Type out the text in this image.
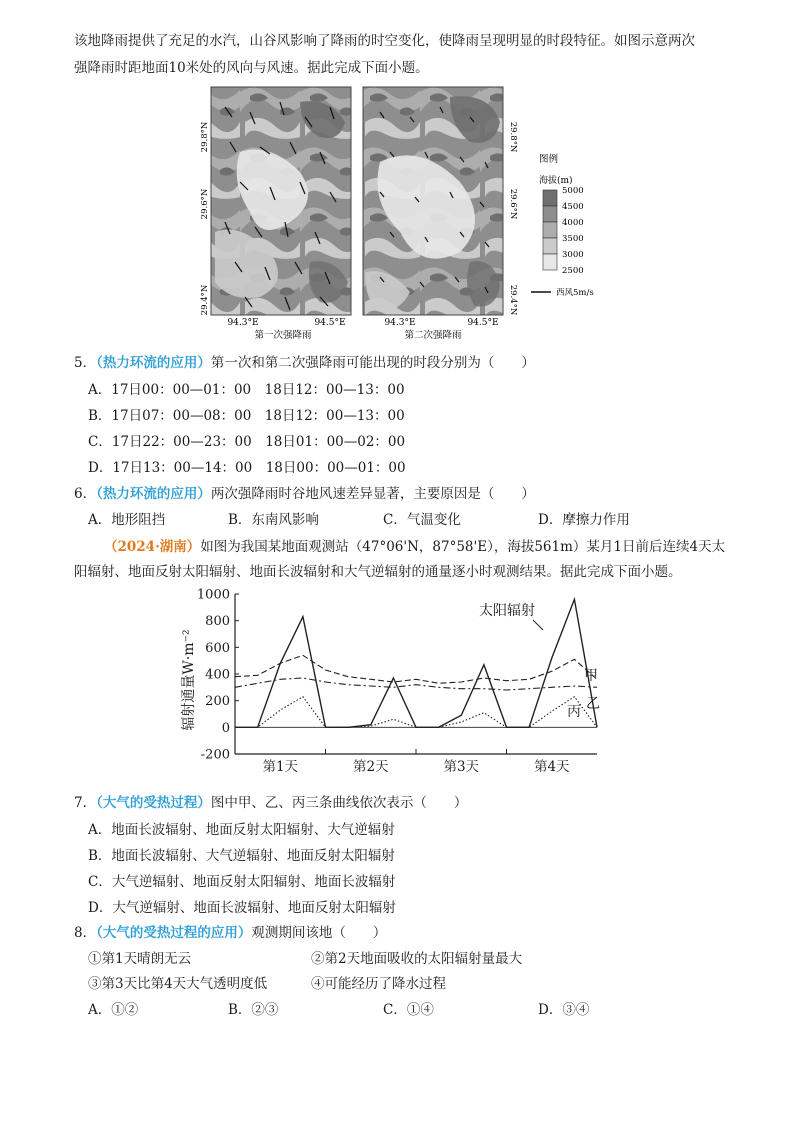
该地降雨提供了充足的水汽，山谷风影响了降雨的时空变化，使降雨呈现明显的时段特征。如图示意两次
强降雨时距地面10米处的风向与风速。据此完成下面小题。
29.8°N
29.6°N
29.4°N
29.8°N
29.6°N
29.4°N
94.3°E	94.5°E	94.3°E	94.5°E
第一次强降雨	第二次强降雨
图例
海拔(m)
5000
4500
4000
3500
3000
2500
西风5m/s
5．（热力环流的应用）第一次和第二次强降雨可能出现的时段分别为（　　）
A．17日00：00—01：00　18日12：00—13：00
B．17日07：00—08：00　18日12：00—13：00
C．17日22：00—23：00　18日01：00—02：00
D．17日13：00—14：00　18日00：00—01：00
6．（热力环流的应用）两次强降雨时谷地风速差异显著，主要原因是（　　）
A．地形阻挡	B．东南风影响	C．气温变化	D．摩擦力作用
（2024·湖南）如图为我国某地面观测站（47°06'N，87°58'E），海拔561m）某月1日前后连续4天太
阳辐射、地面反射太阳辐射、地面长波辐射和大气逆辐射的通量逐小时观测结果。据此完成下面小题。
1000
800
600
400
200
0
-200
第1天	第2天	第3天	第4天
辐射通量W·m⁻²
太阳辐射
甲
乙
丙
7．（大气的受热过程）图中甲、乙、丙三条曲线依次表示（　　）
A．地面长波辐射、地面反射太阳辐射、大气逆辐射
B．地面长波辐射、大气逆辐射、地面反射太阳辐射
C．大气逆辐射、地面反射太阳辐射、地面长波辐射
D．大气逆辐射、地面长波辐射、地面反射太阳辐射
8．（大气的受热过程的应用）观测期间该地（　　）
①第1天晴朗无云	②第2天地面吸收的太阳辐射量最大
③第3天比第4天大气透明度低	④可能经历了降水过程
A．①②	B．②③	C．①④	D．③④
